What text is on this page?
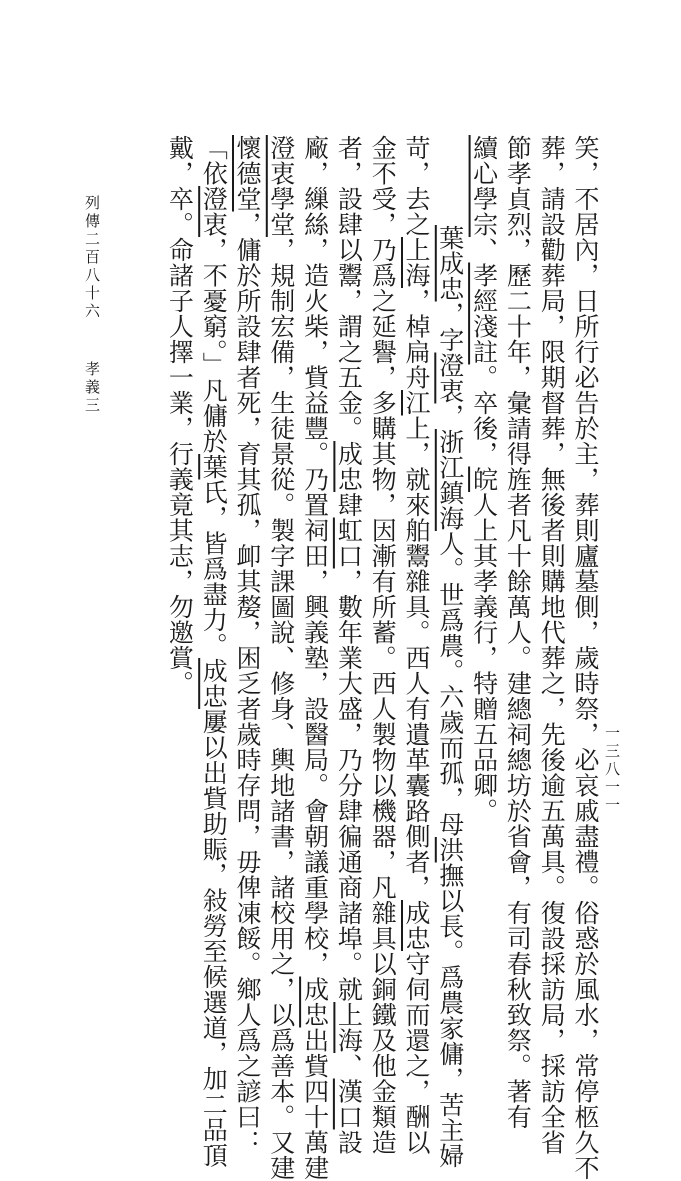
列傳二百八十六孝義三
一三八一一
笑，不居內，日所行必告於主，葬則廬墓側，歲時祭，必哀戚盡禮。俗惑於風水，常停柩久不
葬，請設勸葬局，限期督葬，無後者則購地代葬之，先後逾五萬具。復設採訪局，採訪全省
節孝貞烈，歷二十年，彙請得旌者凡十餘萬人。建總祠總坊於省會，有司春秋致祭。著有
續心學宗、孝經淺註。卒後，皖人上其孝義行，特贈五品卿。
葉成忠，字澄衷，浙江鎮海人。世爲農。六歲而孤，母洪撫以長。爲農家傭，苦主婦
苛，去之上海，棹扁舟江上，就來舶鬻雜具。西人有遺革囊路側者，成忠守伺而還之，酬以
金不受，乃爲之延譽，多購其物，因漸有所蓄。西人製物以機器，凡雜具以銅鐵及他金類造
者，設肆以鬻，謂之五金。成忠肆虹口，數年業大盛，乃分肆徧通商諸埠。就上海、漢口設
廠，繅絲，造火柴，貲益豐。乃置祠田，興義塾，設醫局。會朝議重學校，成忠出貲四十萬建
澄衷學堂，規制宏備，生徒景從。製字課圖說、修身、輿地諸書，諸校用之，以爲善本。又建
懷德堂，傭於所設肆者死，育其孤，卹其嫠，困乏者歲時存問，毋俾凍餒。鄉人爲之諺曰：
「依澄衷，不憂窮。」凡傭於葉氏，皆爲盡力。成忠屢以出貲助賑，敍勞至候選道，加二品頂
戴，卒。命諸子人擇一業，行義竟其志，勿邀賞。
